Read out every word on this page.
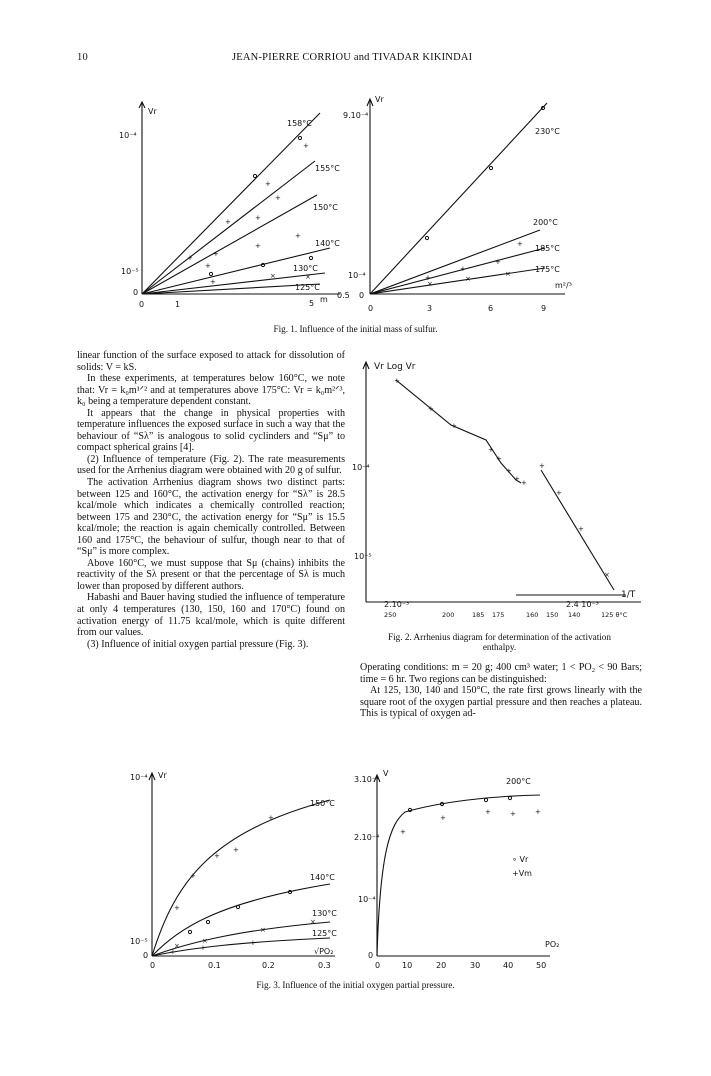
10	JEAN-PIERRE CORRIOU and TIVADAR KIKINDAI
+
+
+
+
+
+
+
+
+
+
+
×	×	+
+
+
+
×
×
×
Vr
10⁻⁴
10⁻⁵
0
0	1	5
0.5
m
158°C
155°C
150°C
140°C
130°C
125°C
Vr
9.10⁻⁴
10⁻⁴
0
0	3	6	9
m²/³
230°C
200°C
185°C
175°C
Fig. 1. Influence of the initial mass of sulfur.

linear function of the surface exposed to attack for dissolution of solids: V = kS.

In these experiments, at temperatures below 160°C, we note that: Vr = k₀m¹ᐟ² and at temperatures above 175°C: Vr = k₀m²ᐟ³, k₀ being a temperature dependent constant.

It appears that the change in physical properties with temperature influences the exposed surface in such a way that the behaviour of “Sλ” is analogous to solid cyclinders and “Sμ” to compact spherical grains [4].

(2) Influence of temperature (Fig. 2). The rate measurements used for the Arrhenius diagram were obtained with 20 g of sulfur.

The activation Arrhenius diagram shows two distinct parts: between 125 and 160°C, the activation energy for “Sλ” is 28.5 kcal/mole which indicates a chemically controlled reaction; between 175 and 230°C, the activation energy for “Sμ” is 15.5 kcal/mole; the reaction is again chemically controlled. Between 160 and 175°C, the behaviour of sulfur, though near to that of “Sμ” is more complex.

Above 160°C, we must suppose that Sμ (chains) inhibits the reactivity of the Sλ present or that the percentage of Sλ is much lower than proposed by different authors.

Habashi and Bauer having studied the influence of temperature at only 4 temperatures (130, 150, 160 and 170°C) found on activation energy of 11.75 kcal/mole, which is quite different from our values.

(3) Influence of initial oxygen partial pressure (Fig. 3).

+
+
+
+
+
+
+ +
+
+
+
×
Vr Log Vr
10⁻⁴
10⁻⁵
1/T
2.10⁻³	2.4 10⁻³
250	200	185 175	160 150 140	125 θ°C
Fig. 2. Arrhenius diagram for determination of the activation
enthalpy.

Operating conditions: m = 20 g; 400 cm³ water; 1 < PO₂ < 90 Bars; time = 6 hr. Two regions can be distinguished:

At 125, 130, 140 and 150°C, the rate first grows linearly with the square root of the oxygen partial pressure and then reaches a plateau. This is typical of oxygen ad-

+
+
+
+
+
×
×
×
×
+	+
+
+
+
+	+	+
Vr
10⁻⁴
10⁻⁵
0
0	0.1	0.2	0.3
√PO₂
150°C
140°C
130°C
125°C
V
3.10⁻⁴
2.10⁻⁴
10⁻⁴
0
0	10	20	30	40	50
PO₂
200°C
∘ Vr
+Vm
Fig. 3. Influence of the initial oxygen partial pressure.
